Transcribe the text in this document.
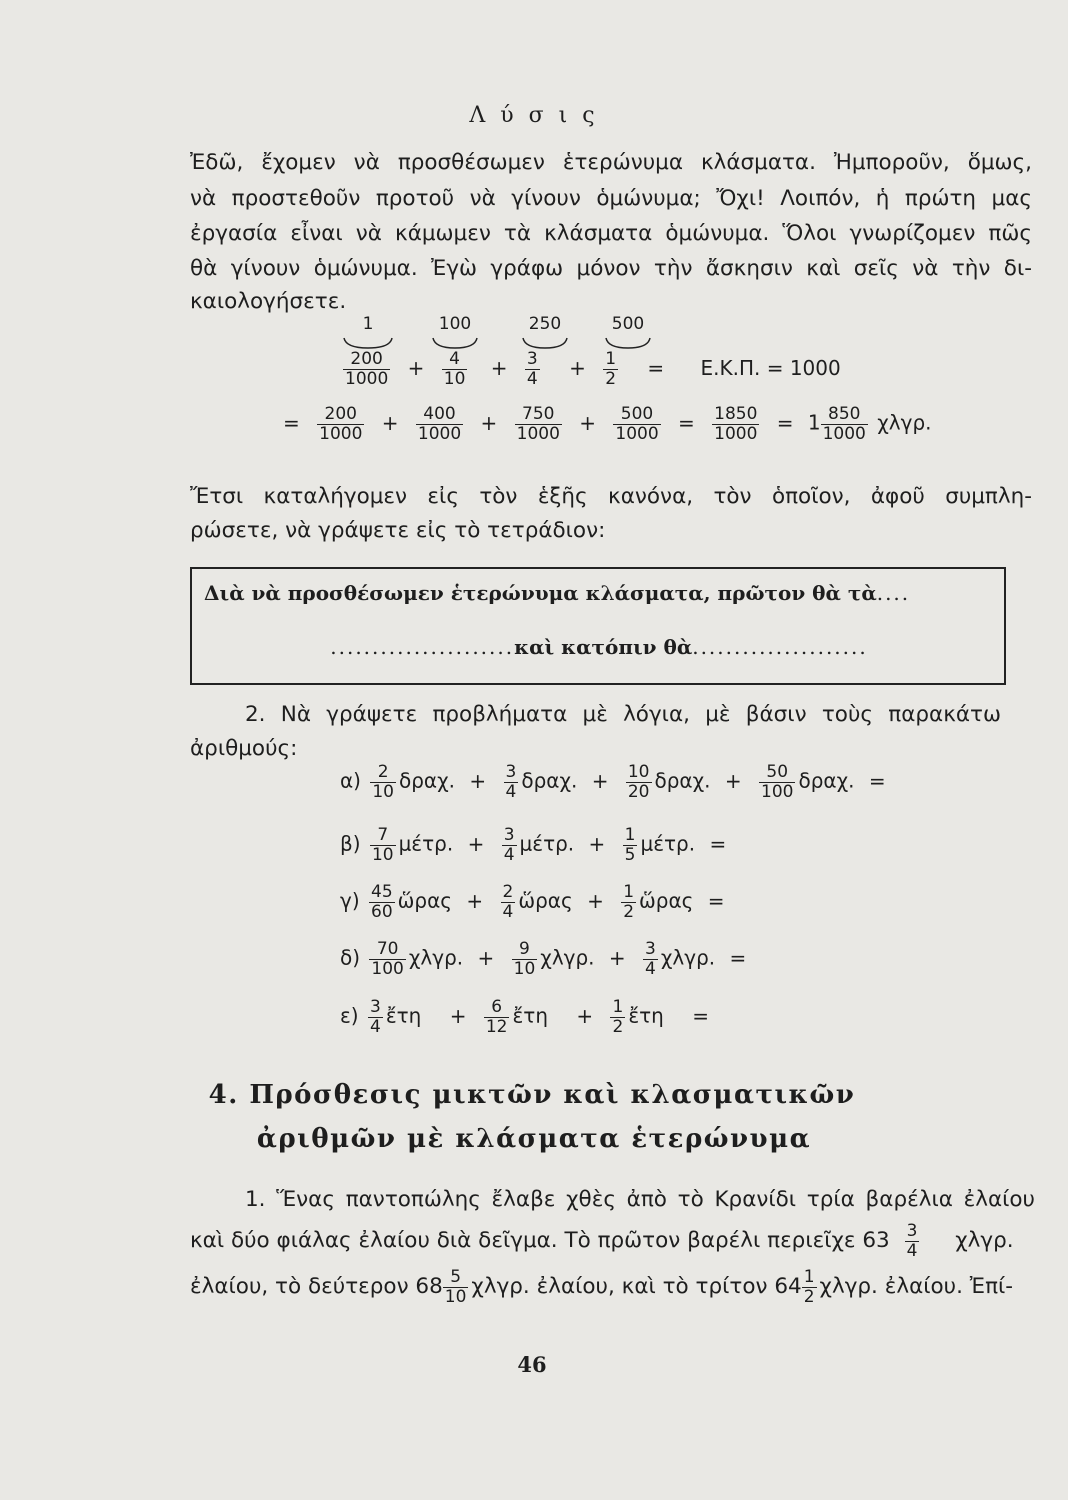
Λ ύ σ ι ς
Ἐδῶ, ἔχομεν νὰ προσθέσωμεν ἑτερώνυμα κλάσματα. Ἠμποροῦν, ὅμως,
νὰ προστεθοῦν προτοῦ νὰ γίνουν ὁμώνυμα; Ὄχι! Λοιπόν, ἡ πρώτη μας
ἐργασία εἶναι νὰ κάμωμεν τὰ κλάσματα ὁμώνυμα. Ὅλοι γνωρίζομεν πῶς
θὰ γίνουν ὁμώνυμα. Ἐγὼ γράφω μόνον τὴν ἄσκησιν καὶ σεῖς νὰ τὴν δι-
καιολογήσετε.
1	100	250	500
$\frac{200}{1000} + \frac{4}{10} + \frac{3}{4} + \frac{1}{2} = E.K.\Pi$. = 1000
= $\frac{200}{1000} + \frac{400}{1000} + \frac{750}{1000} + \frac{500}{1000} = \frac{1850}{1000} = 1 \frac{850}{1000} \chi\lambda\gamma\rho$.
Ἔτσι καταλήγομεν εἰς τὸν ἑξῆς κανόνα, τὸν ὁποῖον, ἀφοῦ συμπλη-
ρώσετε, νὰ γράψετε εἰς τὸ τετράδιον:
Διὰ νὰ προσθέσωμεν ἑτερώνυμα κλάσματα, πρῶτον θὰ τὰ....
......................καὶ κατόπιν θὰ.....................
2. Νὰ γράψετε προβλήματα μὲ λόγια, μὲ βάσιν τοὺς παρακάτω
ἀριθμούς:
$\alpha) \frac{2}{10} \delta\rho\alpha\chi$. + $\frac{3}{4} \delta\rho\alpha\chi$. + $\frac{10}{20} \delta\rho\alpha\chi$. + $\frac{50}{100} \delta\rho\alpha\chi$. =
$\beta) \frac{7}{10} \mu έ\tau\rho$. + $\frac{3}{4} \mu έ\tau\rho$. + $\frac{1}{5} \mu έ\tau\rho$. =
$\gamma) \frac{45}{60}$ ὥρας + $\frac{2}{4}$ ὥρας + $\frac{1}{2}$ ὥρας =
$\delta) \frac{70}{100} \chi\lambda\gamma\rho$. + $\frac{9}{10} \chi\lambda\gamma\rho$. + $\frac{3}{4} \chi\lambda\gamma\rho$. =
$\varepsilon) \frac{3}{4}$ ἔτη + $\frac{6}{12}$ ἔτη + $\frac{1}{2}$ ἔτη =
4. Πρόσθεσις μικτῶν καὶ κλασματικῶν
ἀριθμῶν μὲ κλάσματα ἑτερώνυμα
1. Ἕνας παντοπώλης ἔλαβε χθὲς ἀπὸ τὸ Κρανίδι τρία βαρέλια ἐλαίου
καὶ δύο φιάλας ἐλαίου διὰ δεῖγμα. Τὸ πρῶτον βαρέλι περιεῖχε $63 \frac{3}{4} \chi\lambda\gamma\rho$.
ἐλαίου, τὸ δεύτερον $68 \frac{5}{10} \chi\lambda\gamma\rho$. ἐλαίου, καὶ τὸ τρίτον $64 \frac{1}{2} \chi\lambda\gamma\rho$. ἐλαίου. Ἐπί-
46
